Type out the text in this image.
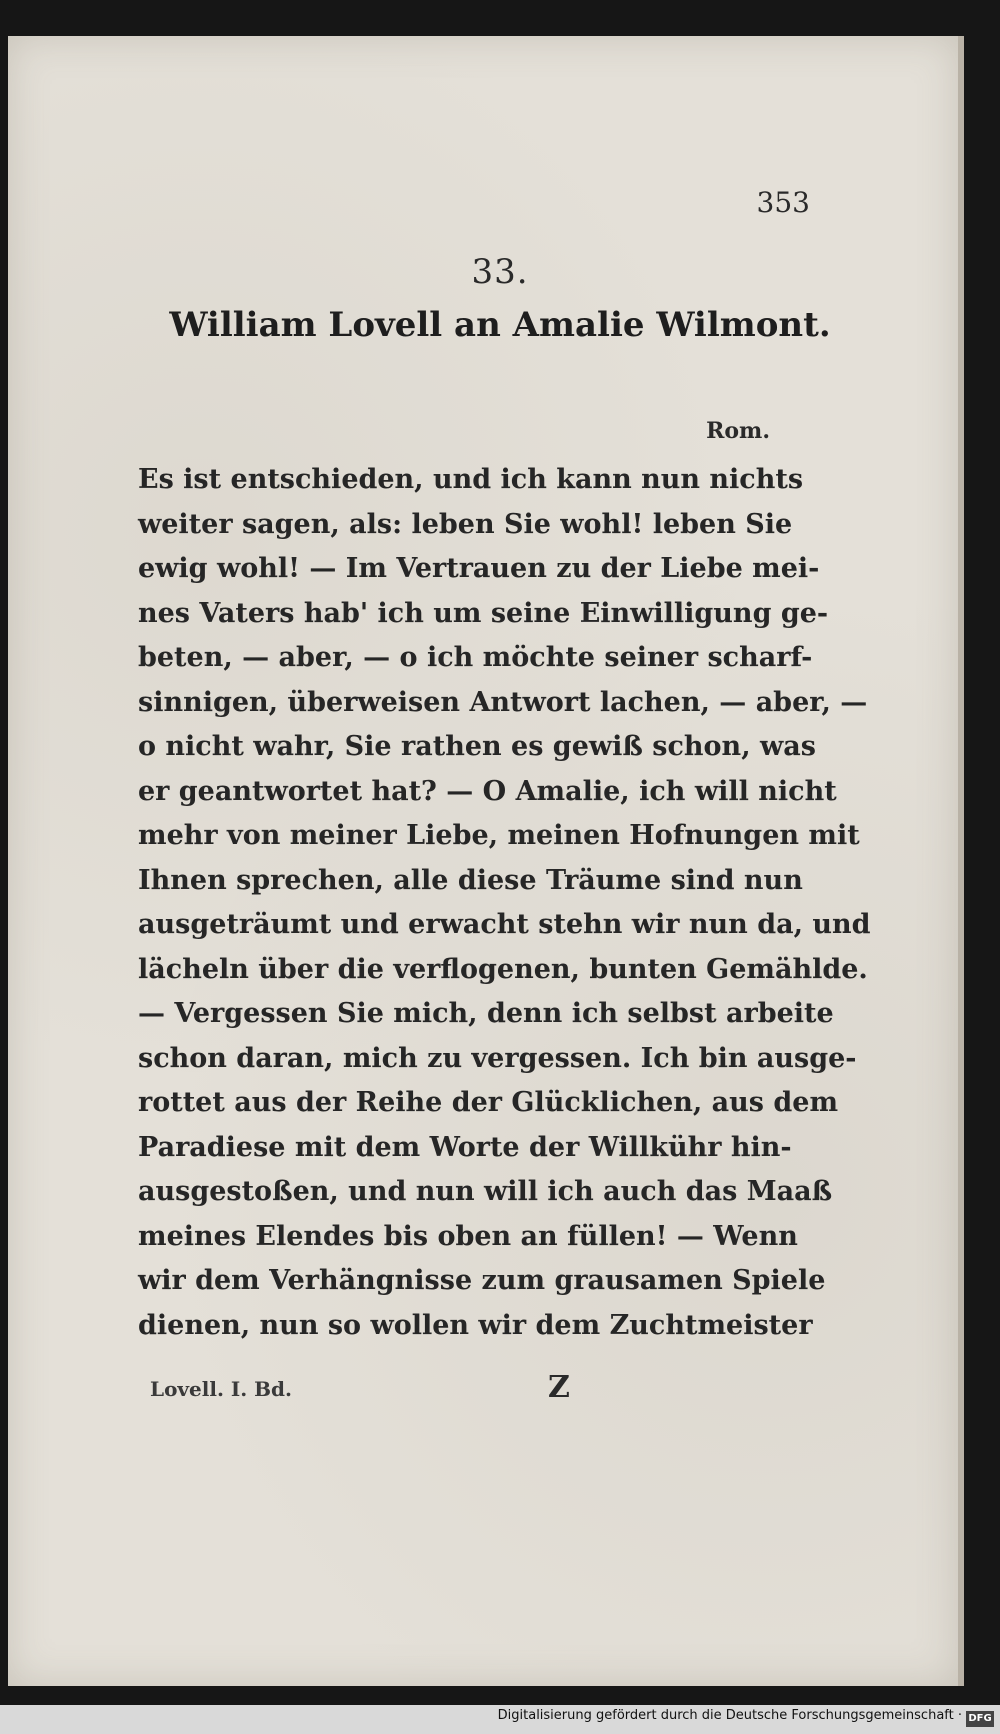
353
33.
William Lovell an Amalie Wilmont.
Rom.
Es ist entschieden, und ich kann nun nichts
weiter sagen, als: leben Sie wohl! leben Sie
ewig wohl! — Im Vertrauen zu der Liebe mei-
nes Vaters hab' ich um seine Einwilligung ge-
beten, — aber, — o ich möchte seiner scharf-
sinnigen, überweisen Antwort lachen, — aber, —
o nicht wahr, Sie rathen es gewiß schon, was
er geantwortet hat? — O Amalie, ich will nicht
mehr von meiner Liebe, meinen Hofnungen mit
Ihnen sprechen, alle diese Träume sind nun
ausgeträumt und erwacht stehn wir nun da, und
lächeln über die verflogenen, bunten Gemählde.
— Vergessen Sie mich, denn ich selbst arbeite
schon daran, mich zu vergessen. Ich bin ausge-
rottet aus der Reihe der Glücklichen, aus dem
Paradiese mit dem Worte der Willkühr hin-
ausgestoßen, und nun will ich auch das Maaß
meines Elendes bis oben an füllen! — Wenn
wir dem Verhängnisse zum grausamen Spiele
dienen, nun so wollen wir dem Zuchtmeister
Lovell. I. Bd.	Z
Digitalisierung gefördert durch die Deutsche Forschungsgemeinschaft · DFG
